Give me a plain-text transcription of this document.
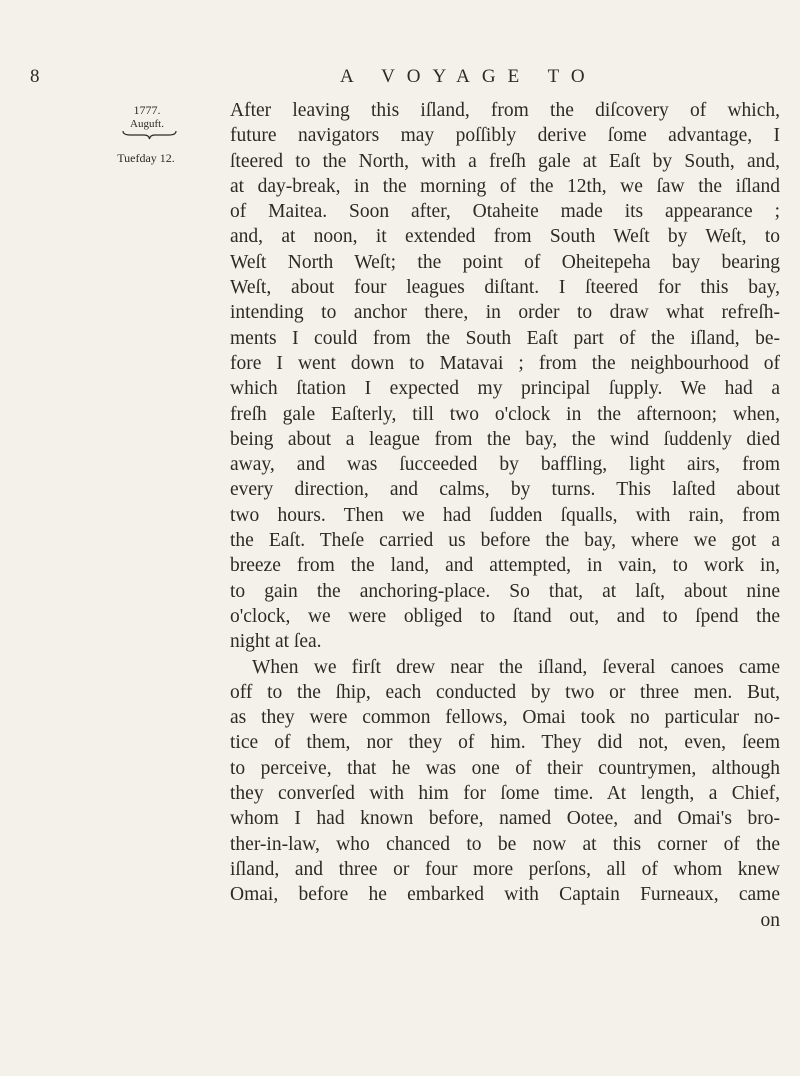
8	A VOYAGE TO
1777.
Auguft.
Tuefday 12.
After leaving this iſland, from the diſcovery of which,
future navigators may poſſibly derive ſome advantage, I
ſteered to the North, with a freſh gale at Eaſt by South, and,
at day-break, in the morning of the 12th, we ſaw the iſland
of Maitea. Soon after, Otaheite made its appearance ;
and, at noon, it extended from South Weſt by Weſt, to
Weſt North Weſt; the point of Oheitepeha bay bearing
Weſt, about four leagues diſtant. I ſteered for this bay,
intending to anchor there, in order to draw what refreſh-
ments I could from the South Eaſt part of the iſland, be-
fore I went down to Matavai ; from the neighbourhood of
which ſtation I expected my principal ſupply. We had a
freſh gale Eaſterly, till two o'clock in the afternoon; when,
being about a league from the bay, the wind ſuddenly died
away, and was ſucceeded by baffling, light airs, from
every direction, and calms, by turns. This laſted about
two hours. Then we had ſudden ſqualls, with rain, from
the Eaſt. Theſe carried us before the bay, where we got a
breeze from the land, and attempted, in vain, to work in,
to gain the anchoring-place. So that, at laſt, about nine
o'clock, we were obliged to ſtand out, and to ſpend the
night at ſea.
When we firſt drew near the iſland, ſeveral canoes came
off to the ſhip, each conducted by two or three men. But,
as they were common fellows, Omai took no particular no-
tice of them, nor they of him. They did not, even, ſeem
to perceive, that he was one of their countrymen, although
they converſed with him for ſome time. At length, a Chief,
whom I had known before, named Ootee, and Omai's bro-
ther-in-law, who chanced to be now at this corner of the
iſland, and three or four more perſons, all of whom knew
Omai, before he embarked with Captain Furneaux, came
on
